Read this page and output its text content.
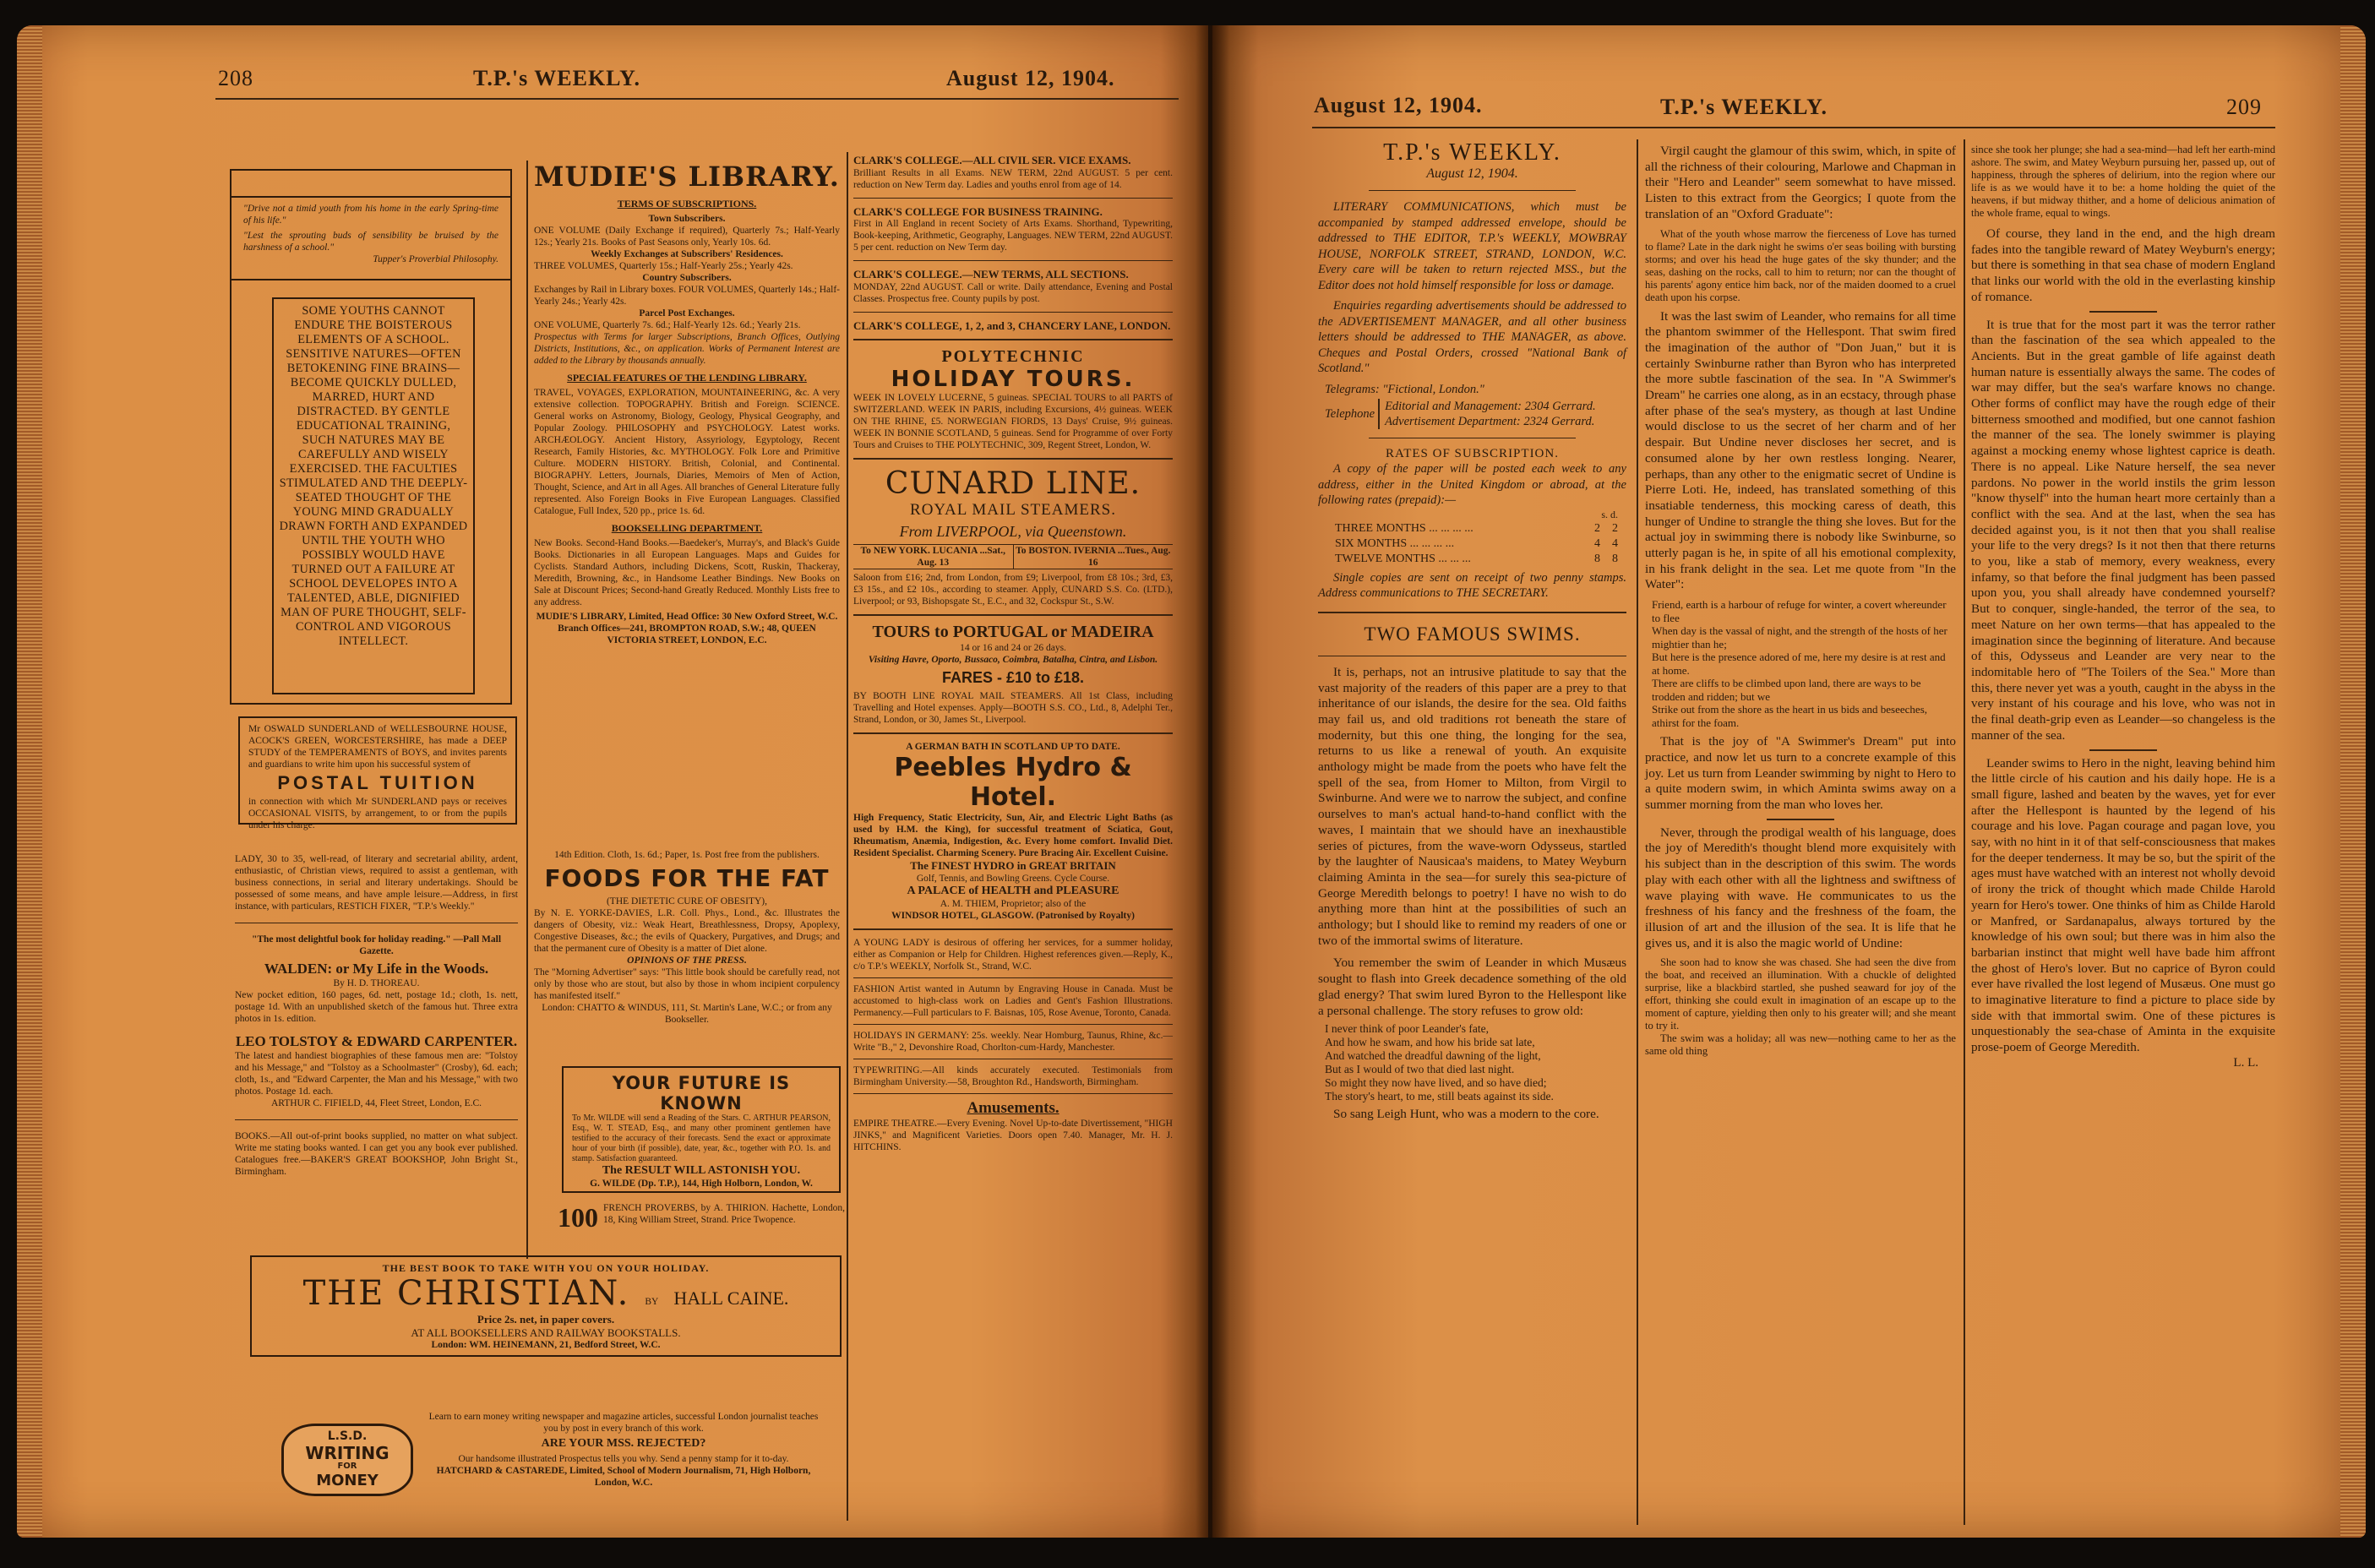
208	T.P.'s WEEKLY.	August 12, 1904.
"Drive not a timid youth from his home in the early Spring-time of his life."
"Lest the sprouting buds of sensibility be bruised by the harshness of a school."
Tupper's Proverbial Philosophy.
SOME YOUTHS CANNOT ENDURE THE BOISTEROUS ELEMENTS OF A SCHOOL. SENSITIVE NATURES—OFTEN BETOKENING FINE BRAINS—BECOME QUICKLY DULLED, MARRED, HURT AND DISTRACTED. BY GENTLE EDUCATIONAL TRAINING, SUCH NATURES MAY BE CAREFULLY AND WISELY EXERCISED. THE FACULTIES STIMULATED AND THE DEEPLY-SEATED THOUGHT OF THE YOUNG MIND GRADUALLY DRAWN FORTH AND EXPANDED UNTIL THE YOUTH WHO POSSIBLY WOULD HAVE TURNED OUT A FAILURE AT SCHOOL DEVELOPES INTO A TALENTED, ABLE, DIGNIFIED MAN OF PURE THOUGHT, SELF-CONTROL AND VIGOROUS INTELLECT.
Mr OSWALD SUNDERLAND of WELLESBOURNE HOUSE, ACOCK'S GREEN, WORCESTERSHIRE, has made a DEEP STUDY of the TEMPERAMENTS of BOYS, and invites parents and guardians to write him upon his successful system of
POSTAL TUITION
in connection with which Mr SUNDERLAND pays or receives OCCASIONAL VISITS, by arrangement, to or from the pupils under his charge.
LADY, 30 to 35, well-read, of literary and secretarial ability, ardent, enthusiastic, of Christian views, required to assist a gentleman, with business connections, in serial and literary undertakings. Should be possessed of some means, and have ample leisure.—Address, in first instance, with particulars, RESTICH FIXER, "T.P.'s Weekly."
"The most delightful book for holiday reading." —Pall Mall Gazette.
WALDEN: or My Life in the Woods.
By H. D. THOREAU.
New pocket edition, 160 pages, 6d. nett, postage 1d.; cloth, 1s. nett, postage 1d. With an unpublished sketch of the famous hut. Three extra photos in 1s. edition.
LEO TOLSTOY & EDWARD CARPENTER.
The latest and handiest biographies of these famous men are: "Tolstoy and his Message," and "Tolstoy as a Schoolmaster" (Crosby), 6d. each; cloth, 1s., and "Edward Carpenter, the Man and his Message," with two photos. Postage 1d. each.
ARTHUR C. FIFIELD, 44, Fleet Street, London, E.C.
BOOKS.—All out-of-print books supplied, no matter on what subject. Write me stating books wanted. I can get you any book ever published. Catalogues free.—BAKER'S GREAT BOOKSHOP, John Bright St., Birmingham.
MUDIE'S LIBRARY.
TERMS OF SUBSCRIPTIONS.
Town Subscribers.
ONE VOLUME (Daily Exchange if required), Quarterly 7s.; Half-Yearly 12s.; Yearly 21s. Books of Past Seasons only, Yearly 10s. 6d.
Weekly Exchanges at Subscribers' Residences.
THREE VOLUMES, Quarterly 15s.; Half-Yearly 25s.; Yearly 42s.
Country Subscribers.
Exchanges by Rail in Library boxes. FOUR VOLUMES, Quarterly 14s.; Half-Yearly 24s.; Yearly 42s.
Parcel Post Exchanges.
ONE VOLUME, Quarterly 7s. 6d.; Half-Yearly 12s. 6d.; Yearly 21s.
Prospectus with Terms for larger Subscriptions, Branch Offices, Outlying Districts, Institutions, &c., on application. Works of Permanent Interest are added to the Library by thousands annually.
SPECIAL FEATURES OF THE LENDING LIBRARY.
TRAVEL, VOYAGES, EXPLORATION, MOUNTAINEERING, &c. A very extensive collection. TOPOGRAPHY. British and Foreign. SCIENCE. General works on Astronomy, Biology, Geology, Physical Geography, and Popular Zoology. PHILOSOPHY and PSYCHOLOGY. Latest works. ARCHÆOLOGY. Ancient History, Assyriology, Egyptology, Recent Research, Family Histories, &c. MYTHOLOGY. Folk Lore and Primitive Culture. MODERN HISTORY. British, Colonial, and Continental. BIOGRAPHY. Letters, Journals, Diaries, Memoirs of Men of Action, Thought, Science, and Art in all Ages. All branches of General Literature fully represented. Also Foreign Books in Five European Languages. Classified Catalogue, Full Index, 520 pp., price 1s. 6d.
BOOKSELLING DEPARTMENT.
New Books. Second-Hand Books.—Baedeker's, Murray's, and Black's Guide Books. Dictionaries in all European Languages. Maps and Guides for Cyclists. Standard Authors, including Dickens, Scott, Ruskin, Thackeray, Meredith, Browning, &c., in Handsome Leather Bindings. New Books on Sale at Discount Prices; Second-hand Greatly Reduced. Monthly Lists free to any address.
MUDIE'S LIBRARY, Limited, Head Office: 30 New Oxford Street, W.C. Branch Offices—241, BROMPTON ROAD, S.W.; 48, QUEEN VICTORIA STREET, LONDON, E.C.
14th Edition. Cloth, 1s. 6d.; Paper, 1s. Post free from the publishers.
FOODS FOR THE FAT
(THE DIETETIC CURE OF OBESITY),
By N. E. YORKE-DAVIES, L.R. Coll. Phys., Lond., &c. Illustrates the dangers of Obesity, viz.: Weak Heart, Breathlessness, Dropsy, Apoplexy, Congestive Diseases, &c.; the evils of Quackery, Purgatives, and Drugs; and that the permanent cure of Obesity is a matter of Diet alone.
OPINIONS OF THE PRESS.
The "Morning Advertiser" says: "This little book should be carefully read, not only by those who are stout, but also by those in whom incipient corpulency has manifested itself."
London: CHATTO & WINDUS, 111, St. Martin's Lane, W.C.; or from any Bookseller.
YOUR FUTURE IS KNOWN
To Mr. WILDE will send a Reading of the Stars. C. ARTHUR PEARSON, Esq., W. T. STEAD, Esq., and many other prominent gentlemen have testified to the accuracy of their forecasts. Send the exact or approximate hour of your birth (if possible), date, year, &c., together with P.O. 1s. and stamp. Satisfaction guaranteed.
The RESULT WILL ASTONISH YOU.
G. WILDE (Dp. T.P.), 144, High Holborn, London, W.
100 FRENCH PROVERBS, by A. THIRION. Hachette, London, 18, King William Street, Strand. Price Twopence.
CLARK'S COLLEGE.—ALL CIVIL SER. VICE EXAMS.
Brilliant Results in all Exams. NEW TERM, 22nd AUGUST. 5 per cent. reduction on New Term day. Ladies and youths enrol from age of 14.
CLARK'S COLLEGE FOR BUSINESS TRAINING.
First in All England in recent Society of Arts Exams. Shorthand, Typewriting, Book-keeping, Arithmetic, Geography, Languages. NEW TERM, 22nd AUGUST. 5 per cent. reduction on New Term day.
CLARK'S COLLEGE.—NEW TERMS, ALL SECTIONS.
MONDAY, 22nd AUGUST. Call or write. Daily attendance, Evening and Postal Classes. Prospectus free. County pupils by post.
CLARK'S COLLEGE, 1, 2, and 3, CHANCERY LANE, LONDON.
POLYTECHNIC
HOLIDAY TOURS.
WEEK IN LOVELY LUCERNE, 5 guineas. SPECIAL TOURS to all PARTS of SWITZERLAND. WEEK IN PARIS, including Excursions, 4½ guineas. WEEK ON THE RHINE, £5. NORWEGIAN FIORDS, 13 Days' Cruise, 9½ guineas. WEEK IN BONNIE SCOTLAND, 5 guineas. Send for Programme of over Forty Tours and Cruises to THE POLYTECHNIC, 309, Regent Street, London, W.
CUNARD LINE.
ROYAL MAIL STEAMERS.
From LIVERPOOL, via Queenstown.
To NEW YORK. LUCANIA ...Sat., Aug. 13
To BOSTON. IVERNIA ...Tues., Aug. 16
Saloon from £16; 2nd, from London, from £9; Liverpool, from £8 10s.; 3rd, £3, £3 15s., and £2 10s., according to steamer. Apply, CUNARD S.S. Co. (LTD.), Liverpool; or 93, Bishopsgate St., E.C., and 32, Cockspur St., S.W.
TOURS to PORTUGAL or MADEIRA
14 or 16 and 24 or 26 days.
Visiting Havre, Oporto, Bussaco, Coimbra, Batalha, Cintra, and Lisbon.
FARES - £10 to £18.
BY BOOTH LINE ROYAL MAIL STEAMERS. All 1st Class, including Travelling and Hotel expenses. Apply—BOOTH S.S. CO., Ltd., 8, Adelphi Ter., Strand, London, or 30, James St., Liverpool.
A GERMAN BATH IN SCOTLAND UP TO DATE.
Peebles Hydro & Hotel.
High Frequency, Static Electricity, Sun, Air, and Electric Light Baths (as used by H.M. the King), for successful treatment of Sciatica, Gout, Rheumatism, Anæmia, Indigestion, &c. Every home comfort. Invalid Diet. Resident Specialist. Charming Scenery. Pure Bracing Air. Excellent Cuisine.
The FINEST HYDRO in GREAT BRITAIN
Golf, Tennis, and Bowling Greens. Cycle Course.
A PALACE of HEALTH and PLEASURE
A. M. THIEM, Proprietor; also of the
WINDSOR HOTEL, GLASGOW. (Patronised by Royalty)
A YOUNG LADY is desirous of offering her services, for a summer holiday, either as Companion or Help for Children. Highest references given.—Reply, K., c/o T.P.'s WEEKLY, Norfolk St., Strand, W.C.
FASHION Artist wanted in Autumn by Engraving House in Canada. Must be accustomed to high-class work on Ladies and Gent's Fashion Illustrations. Permanency.—Full particulars to F. Baisnas, 105, Rose Avenue, Toronto, Canada.
HOLIDAYS IN GERMANY: 25s. weekly. Near Homburg, Taunus, Rhine, &c.—Write "B.," 2, Devonshire Road, Chorlton-cum-Hardy, Manchester.
TYPEWRITING.—All kinds accurately executed. Testimonials from Birmingham University.—58, Broughton Rd., Handsworth, Birmingham.
Amusements.
EMPIRE THEATRE.—Every Evening. Novel Up-to-date Divertissement, "HIGH JINKS," and Magnificent Varieties. Doors open 7.40. Manager, Mr. H. J. HITCHINS.
THE BEST BOOK TO TAKE WITH YOU ON YOUR HOLIDAY.
THE CHRISTIAN. BY HALL CAINE.
Price 2s. net, in paper covers.
AT ALL BOOKSELLERS AND RAILWAY BOOKSTALLS.
London: WM. HEINEMANN, 21, Bedford Street, W.C.
L.S.D.
WRITING
FOR
MONEY
Learn to earn money writing newspaper and magazine articles, successful London journalist teaches you by post in every branch of this work.
ARE YOUR MSS. REJECTED?
Our handsome illustrated Prospectus tells you why. Send a penny stamp for it to-day.
HATCHARD & CASTAREDE, Limited, School of Modern Journalism, 71, High Holborn, London, W.C.
August 12, 1904.	T.P.'s WEEKLY.	209
T.P.'s WEEKLY.
August 12, 1904.
LITERARY COMMUNICATIONS, which must be accompanied by stamped addressed envelope, should be addressed to THE EDITOR, T.P.'s WEEKLY, MOWBRAY HOUSE, NORFOLK STREET, STRAND, LONDON, W.C. Every care will be taken to return rejected MSS., but the Editor does not hold himself responsible for loss or damage.
Enquiries regarding advertisements should be addressed to the ADVERTISEMENT MANAGER, and all other business letters should be addressed to THE MANAGER, as above. Cheques and Postal Orders, crossed "National Bank of Scotland."
Telegrams: "Fictional, London."
Telephone
Editorial and Management: 2304 Gerrard.
Advertisement Department: 2324 Gerrard.
RATES OF SUBSCRIPTION.
A copy of the paper will be posted each week to any address, either in the United Kingdom or abroad, at the following rates (prepaid):—
s. d.
THREE MONTHS ... ... ... ...	2 2
SIX MONTHS ... ... ... ...	4 4
TWELVE MONTHS ... ... ...	8 8
Single copies are sent on receipt of two penny stamps. Address communications to THE SECRETARY.
TWO FAMOUS SWIMS.
It is, perhaps, not an intrusive platitude to say that the vast majority of the readers of this paper are a prey to that inheritance of our islands, the desire for the sea. Old faiths may fail us, and old traditions rot beneath the stare of modernity, but this one thing, the longing for the sea, returns to us like a renewal of youth. An exquisite anthology might be made from the poets who have felt the spell of the sea, from Homer to Milton, from Virgil to Swinburne. And were we to narrow the subject, and confine ourselves to man's actual hand-to-hand conflict with the waves, I maintain that we should have an inexhaustible series of pictures, from the wave-worn Odysseus, startled by the laughter of Nausicaa's maidens, to Matey Weyburn claiming Aminta in the sea—for surely this sea-picture of George Meredith belongs to poetry! I have no wish to do anything more than hint at the possibilities of such an anthology; but I should like to remind my readers of one or two of the immortal swims of literature.
You remember the swim of Leander in which Musæus sought to flash into Greek decadence something of the old glad energy? That swim lured Byron to the Hellespont like a personal challenge. The story refuses to grow old:
I never think of poor Leander's fate,
And how he swam, and how his bride sat late,
And watched the dreadful dawning of the light,
But as I would of two that died last night.
So might they now have lived, and so have died;
The story's heart, to me, still beats against its side.
So sang Leigh Hunt, who was a modern to the core.
Virgil caught the glamour of this swim, which, in spite of all the richness of their colouring, Marlowe and Chapman in their "Hero and Leander" seem somewhat to have missed. Listen to this extract from the Georgics; I quote from the translation of an "Oxford Graduate":
What of the youth whose marrow the fierceness of Love has turned to flame? Late in the dark night he swims o'er seas boiling with bursting storms; and over his head the huge gates of the sky thunder; and the seas, dashing on the rocks, call to him to return; nor can the thought of his parents' agony entice him back, nor of the maiden doomed to a cruel death upon his corpse.
It was the last swim of Leander, who remains for all time the phantom swimmer of the Hellespont. That swim fired the imagination of the author of "Don Juan," but it is certainly Swinburne rather than Byron who has interpreted the more subtle fascination of the sea. In "A Swimmer's Dream" he carries one along, as in an ecstacy, through phase after phase of the sea's mystery, as though at last Undine would disclose to us the secret of her charm and of her despair. But Undine never discloses her secret, and is consumed alone by her own restless longing. Nearer, perhaps, than any other to the enigmatic secret of Undine is Pierre Loti. He, indeed, has translated something of this insatiable tenderness, this mocking caress of death, this hunger of Undine to strangle the thing she loves. But for the actual joy in swimming there is nobody like Swinburne, so utterly pagan is he, in spite of all his emotional complexity, in his frank delight in the sea. Let me quote from "In the Water":
Friend, earth is a harbour of refuge for winter, a covert whereunder to flee
When day is the vassal of night, and the strength of the hosts of her mightier than he;
But here is the presence adored of me, here my desire is at rest and at home.
There are cliffs to be climbed upon land, there are ways to be trodden and ridden; but we
Strike out from the shore as the heart in us bids and beseeches, athirst for the foam.
That is the joy of "A Swimmer's Dream" put into practice, and now let us turn to a concrete example of this joy. Let us turn from Leander swimming by night to Hero to a quite modern swim, in which Aminta swims away on a summer morning from the man who loves her.
Never, through the prodigal wealth of his language, does the joy of Meredith's thought blend more exquisitely with his subject than in the description of this swim. The words play with each other with all the lightness and swiftness of wave playing with wave. He communicates to us the freshness of his fancy and the freshness of the foam, the illusion of art and the illusion of the sea. It is life that he gives us, and it is also the magic world of Undine:
She soon had to know she was chased. She had seen the dive from the boat, and received an illumination. With a chuckle of delighted surprise, like a blackbird startled, she pushed seaward for joy of the effort, thinking she could exult in imagination of an escape up to the moment of capture, yielding then only to his greater will; and she meant to try it.
The swim was a holiday; all was new—nothing came to her as the same old thing
since she took her plunge; she had a sea-mind—had left her earth-mind ashore. The swim, and Matey Weyburn pursuing her, passed up, out of happiness, through the spheres of delirium, into the region where our life is as we would have it to be: a home holding the quiet of the heavens, if but midway thither, and a home of delicious animation of the whole frame, equal to wings.
Of course, they land in the end, and the high dream fades into the tangible reward of Matey Weyburn's energy; but there is something in that sea chase of modern England that links our world with the old in the everlasting kinship of romance.
It is true that for the most part it was the terror rather than the fascination of the sea which appealed to the Ancients. But in the great gamble of life against death human nature is essentially always the same. The codes of war may differ, but the sea's warfare knows no change. Other forms of conflict may have the rough edge of their bitterness smoothed and modified, but one cannot fashion the manner of the sea. The lonely swimmer is playing against a mocking enemy whose lightest caprice is death. There is no appeal. Like Nature herself, the sea never pardons. No power in the world instils the grim lesson "know thyself" into the human heart more certainly than a conflict with the sea. And at the last, when the sea has decided against you, is it not then that you shall realise your life to the very dregs? Is it not then that there returns to you, like a stab of memory, every weakness, every infamy, so that before the final judgment has been passed upon you, you shall already have condemned yourself? But to conquer, single-handed, the terror of the sea, to meet Nature on her own terms—that has appealed to the imagination since the beginning of literature. And because of this, Odysseus and Leander are very near to the indomitable hero of "The Toilers of the Sea." More than this, there never yet was a youth, caught in the abyss in the very instant of his courage and his love, who was not in the final death-grip even as Leander—so changeless is the manner of the sea.
Leander swims to Hero in the night, leaving behind him the little circle of his caution and his daily hope. He is a small figure, lashed and beaten by the waves, yet for ever after the Hellespont is haunted by the legend of his courage and his love. Pagan courage and pagan love, you say, with no hint in it of that self-consciousness that makes for the deeper tenderness. It may be so, but the spirit of the ages must have watched with an interest not wholly devoid of irony the trick of thought which made Childe Harold yearn for Hero's tower. One thinks of him as Childe Harold or Manfred, or Sardanapalus, always tortured by the knowledge of his own soul; but there was in him also the barbarian instinct that might well have bade him affront the ghost of Hero's lover. But no caprice of Byron could ever have rivalled the lost legend of Musæus. One must go to imaginative literature to find a picture to place side by side with that immortal swim. One of these pictures is unquestionably the sea-chase of Aminta in the exquisite prose-poem of George Meredith.
L. L.
